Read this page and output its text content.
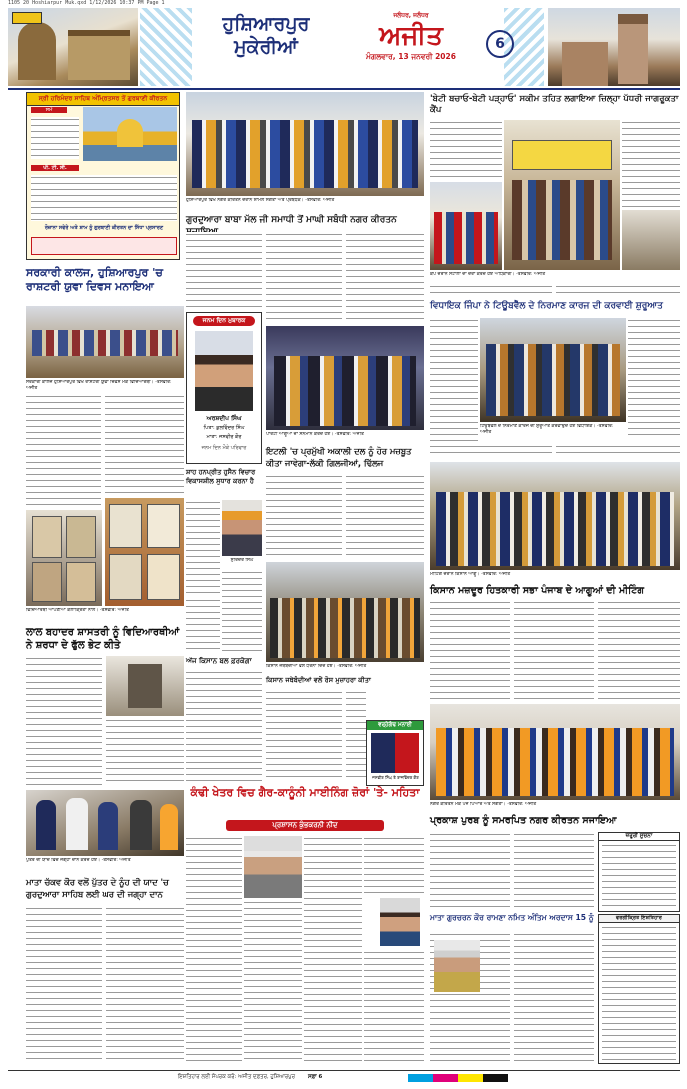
1105 20 Hoshiarpur Muk.qxd 1/12/2026 10:37 PM Page 1
ਹੁਸ਼ਿਆਰਪੁਰ
ਮੁਕੇਰੀਆਂ
ਜਲੰਧਰ, ਜਲੰਧਰ
ਅਜੀਤ
ਮੰਗਲਵਾਰ, 13 ਜਨਵਰੀ 2026
6
ਸ੍ਰੀ ਹਰਿਮੰਦਰ ਸਾਹਿਬ ਅੰਮ੍ਰਿਤਸਰ ਤੋਂ ਗੁਰਬਾਣੀ ਕੀਰਤਨ
ਸਮੇਂ
ਪੀ. ਟੀ. ਸੀ.
ਰੋਜ਼ਾਨਾ ਸਵੇਰੇ ਅਤੇ ਸ਼ਾਮ ਨੂੰ ਗੁਰਬਾਣੀ ਕੀਰਤਨ ਦਾ ਸਿੱਧਾ ਪ੍ਰਸਾਰਣ
ਸਰਕਾਰੀ ਕਾਲਜ, ਹੁਸ਼ਿਆਰਪੁਰ 'ਚ ਰਾਸ਼ਟਰੀ ਯੁਵਾ ਦਿਵਸ ਮਨਾਇਆ
ਸਰਕਾਰੀ ਕਾਲਜ ਹੁਸ਼ਿਆਰਪੁਰ ਵਿਖੇ ਰਾਸ਼ਟਰੀ ਯੁਵਾ ਦਿਵਸ ਮੌਕੇ ਵਿਦਿਆਰਥੀ। -ਤਸਵੀਰ: ਅਜੀਤ
ਵਿਦਿਆਰਥੀ ਆਪਣੀਆਂ ਕਲਾਕ੍ਰਿਤਾਂ ਨਾਲ। -ਤਸਵੀਰ: ਅਜੀਤ
ਲਾਲ ਬਹਾਦਰ ਸ਼ਾਸਤਰੀ ਨੂੰ ਵਿਦਿਆਰਥੀਆਂ ਨੇ ਸ਼ਰਧਾ ਦੇ ਫੁੱਲ ਭੇਟ ਕੀਤੇ
ਪੁੱਤਰ ਦੀ ਯਾਦ ਵਿਚ ਜਗ੍ਹਾ ਦਾਨ ਕਰਦੇ ਹੋਏ। -ਤਸਵੀਰ: ਅਜੀਤ
ਮਾਤਾ ਚੱਕਵ ਕੌਰ ਵਲੋਂ ਪੁੱਤਰ ਦੇ ਨੂੰਹ ਦੀ ਯਾਦ 'ਚ ਗੁਰਦੁਆਰਾ ਸਾਹਿਬ ਲਈ ਘਰ ਦੀ ਜਗ੍ਹਾ ਦਾਨ
ਹੁਸ਼ਿਆਰਪੁਰ ਵਿਖੇ ਨਗਰ ਕੀਰਤਨ ਦੌਰਾਨ ਸ਼ਾਮਲ ਸੰਗਤਾਂ ਅਤੇ ਪ੍ਰਬੰਧਕ। -ਤਸਵੀਰ: ਅਜੀਤ
ਗੁਰਦੁਆਰਾ ਬਾਬਾ ਮੱਲ ਜੀ ਸਮਾਧੀ ਤੋਂ ਮਾਘੀ ਸਬੰਧੀ ਨਗਰ ਕੀਰਤਨ
ਜਨਮ ਦਿਨ ਮੁਬਾਰਕ
ਅਰਸ਼ਦੀਪ ਸਿੰਘ
ਪਿਤਾ: ਕੁਲਵਿੰਦਰ ਸਿੰਘ
ਮਾਤਾ: ਜਸਵੀਰ ਕੌਰ
ਜਨਮ ਦਿਨ ਮੌਕੇ ਪਰਿਵਾਰ
ਪਾਰਟੀ ਆਗੂਆਂ ਦਾ ਸਨਮਾਨ ਕਰਦੇ ਹੋਏ। -ਤਸਵੀਰ: ਅਜੀਤ
ਇਟਲੀ 'ਚ ਪ੍ਰਮੁੱਖੀ ਅਕਾਲੀ ਦਲ ਨੂੰ ਹੋਰ ਮਜ਼ਬੂਤ ਕੀਤਾ ਜਾਵੇਗਾ-ਲੱਕੀ ਗਿਲਜੀਆਂ, ਢਿੱਲਜ
ਸ਼ਾਹ ਹਨਪ੍ਰੀਤ ਹੁਸੈਨ ਵਿਚਾਰ ਵਿਕਾਸਸ਼ੀਲ ਸੁਧਾਰ ਕਰਨਾ ਹੈ
ਸੁਰਿੰਦਰ ਸਿੰਘ
ਕਿਸਾਨ ਜਥੇਬੰਦੀਆਂ ਵਲੋਂ ਧਰਨਾ ਦਿੰਦੇ ਹੋਏ। -ਤਸਵੀਰ: ਅਜੀਤ
ਕਿਸਾਨ ਜਥੇਬੰਦੀਆਂ ਵਲੋਂ ਰੋਸ ਮੁਜ਼ਾਹਰਾ ਕੀਤਾ
ਅੱਜ ਕਿਸਾਨ ਬਲ ਫ਼ਰਕੇਗਾ
ਵਰ੍ਹੇਗੰਢ ਮਨਾਈ
ਜਸਵੀਰ ਸਿੰਘ ਤੇ ਰਾਜਵਿੰਦਰ ਕੌਰ
ਕੰਢੀ ਖੇਤਰ ਵਿਚ ਗੈਰ-ਕਾਨੂੰਨੀ ਮਾਈਨਿੰਗ ਜ਼ੋਰਾਂ 'ਤੇ- ਮਹਿਤਾ
ਪ੍ਰਸ਼ਾਸਨ ਕੁੰਭਕਰਨੀ ਨੀਂਦ
'ਬੇਟੀ ਬਚਾਓ-ਬੇਟੀ ਪੜ੍ਹਾਓ' ਸਕੀਮ ਤਹਿਤ ਲਗਾਇਆ ਜ਼ਿਲ੍ਹਾ ਪੱਧਰੀ ਜਾਗਰੂਕਤਾ ਕੈਂਪ
ਕੈਂਪ ਦੌਰਾਨ ਸਟਾਲਾਂ ਦਾ ਦੌਰਾ ਕਰਦੇ ਹੋਏ ਅਧਿਕਾਰੀ। -ਤਸਵੀਰ: ਅਜੀਤ
ਵਿਧਾਇਕ ਜਿੰਪਾ ਨੇ ਟਿਊਬਵੈੱਲ ਦੇ ਨਿਰਮਾਣ ਕਾਰਜ ਦੀ ਕਰਵਾਈ ਸ਼ੁਰੂਆਤ
ਟਿਊਬਵੈੱਲ ਦੇ ਨਿਰਮਾਣ ਕਾਰਜ ਦੀ ਸ਼ੁਰੂਆਤ ਕਰਵਾਉਂਦੇ ਹੋਏ ਵਿਧਾਇਕ। -ਤਸਵੀਰ: ਅਜੀਤ
ਮੀਟਿੰਗ ਦੌਰਾਨ ਕਿਸਾਨ ਆਗੂ। -ਤਸਵੀਰ: ਅਜੀਤ
ਕਿਸਾਨ ਮਜ਼ਦੂਰ ਹਿਤਕਾਰੀ ਸਭਾ ਪੰਜਾਬ ਦੇ ਆਗੂਆਂ ਦੀ ਮੀਟਿੰਗ
ਨਗਰ ਕੀਰਤਨ ਮੌਕੇ ਪੰਜ ਪਿਆਰੇ ਅਤੇ ਸੰਗਤਾਂ। -ਤਸਵੀਰ: ਅਜੀਤ
ਪ੍ਰਕਾਸ਼ ਪੁਰਬ ਨੂੰ ਸਮਰਪਿਤ ਨਗਰ ਕੀਰਤਨ ਸਜਾਇਆ
ਜ਼ਰੂਰੀ ਸੂਚਨਾ
ਮਾਤਾ ਗੁਰਚਰਨ ਕੌਰ ਰਾਮਣਾ ਨਮਿਤ ਅੰਤਿਮ ਅਰਦਾਸ 15 ਨੂੰ	ਵਰਗੀਕ੍ਰਿਤ ਇਸ਼ਤਿਹਾਰ
ਇਸ਼ਤਿਹਾਰ ਲਈ ਸੰਪਰਕ ਕਰੋ: ਅਜੀਤ ਦਫ਼ਤਰ, ਹੁਸ਼ਿਆਰਪੁਰ ਸਫ਼ਾ 6
